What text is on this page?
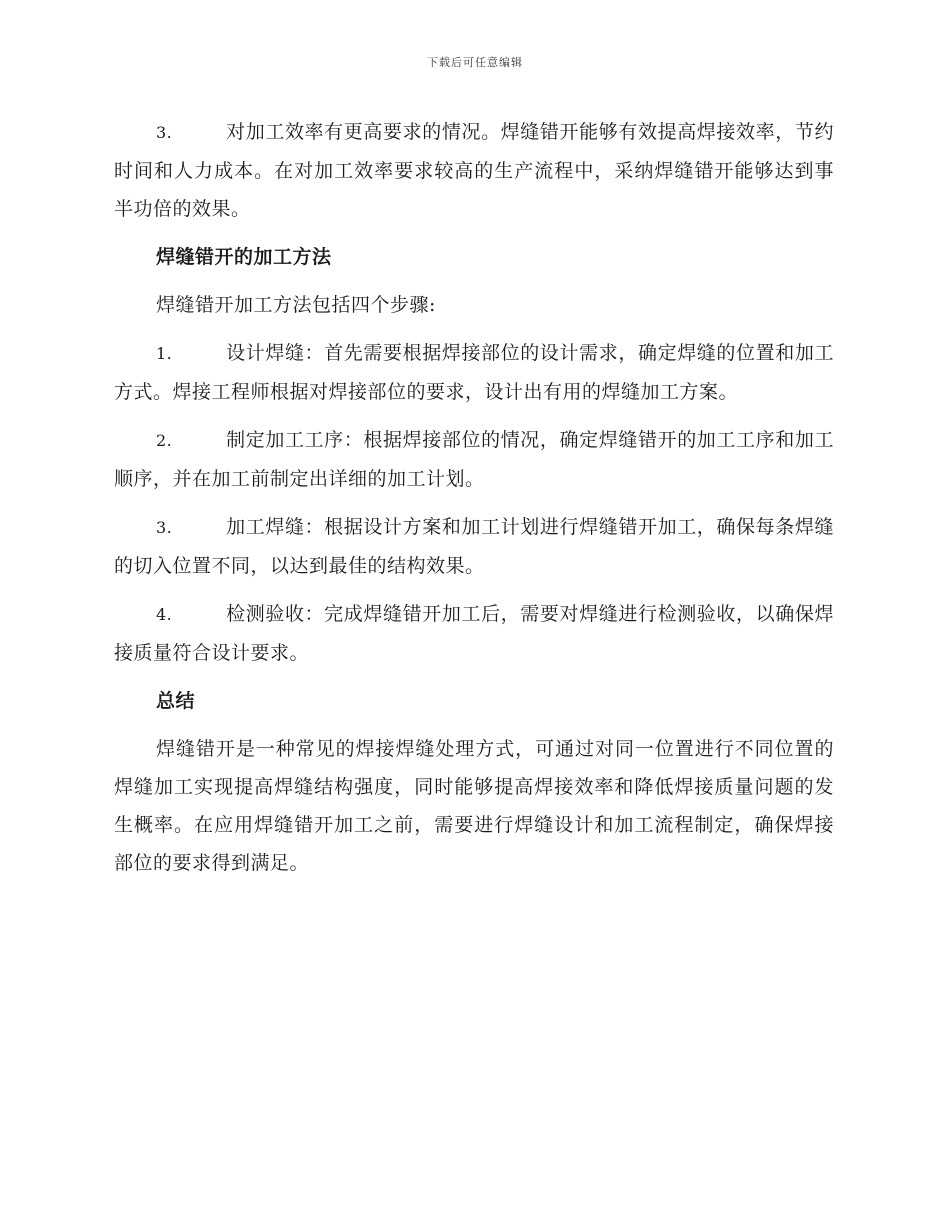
下载后可任意编辑

3.	对加工效率有更高要求的情况。焊缝错开能够有效提高焊接效率，节约时间和人力成本。在对加工效率要求较高的生产流程中，采纳焊缝错开能够达到事半功倍的效果。

焊缝错开的加工方法

焊缝错开加工方法包括四个步骤:

1.	设计焊缝：首先需要根据焊接部位的设计需求，确定焊缝的位置和加工方式。焊接工程师根据对焊接部位的要求，设计出有用的焊缝加工方案。

2.	制定加工工序：根据焊接部位的情况，确定焊缝错开的加工工序和加工顺序，并在加工前制定出详细的加工计划。

3.	加工焊缝：根据设计方案和加工计划进行焊缝错开加工，确保每条焊缝的切入位置不同，以达到最佳的结构效果。

4.	检测验收：完成焊缝错开加工后，需要对焊缝进行检测验收，以确保焊接质量符合设计要求。

总结

焊缝错开是一种常见的焊接焊缝处理方式，可通过对同一位置进行不同位置的焊缝加工实现提高焊缝结构强度，同时能够提高焊接效率和降低焊接质量问题的发生概率。在应用焊缝错开加工之前，需要进行焊缝设计和加工流程制定，确保焊接部位的要求得到满足。
